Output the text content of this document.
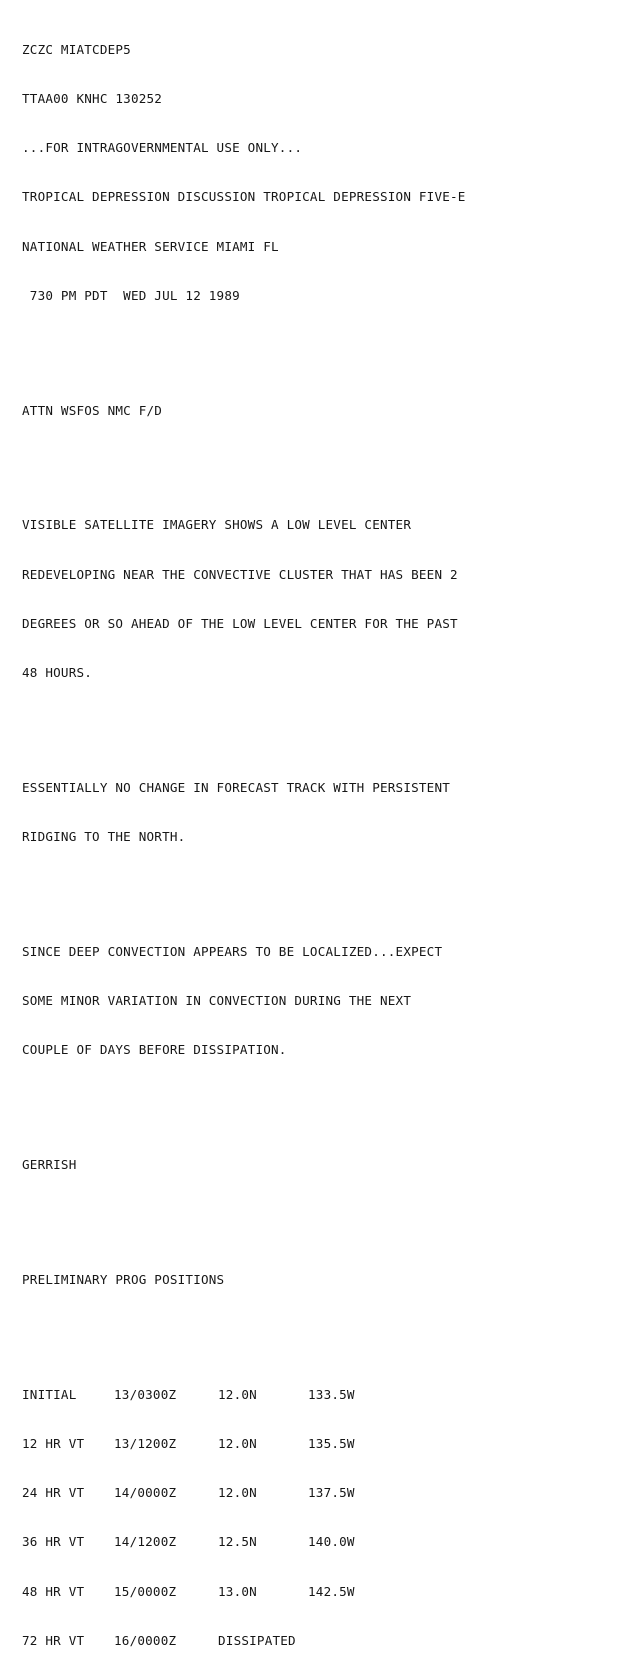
ZCZC MIATCDEP5

TTAA00 KNHC 130252

...FOR INTRAGOVERNMENTAL USE ONLY...

TROPICAL DEPRESSION DISCUSSION TROPICAL DEPRESSION FIVE-E

NATIONAL WEATHER SERVICE MIAMI FL

730 PM PDT  WED JUL 12 1989

ATTN WSFOS NMC F/D

VISIBLE SATELLITE IMAGERY SHOWS A LOW LEVEL CENTER

REDEVELOPING NEAR THE CONVECTIVE CLUSTER THAT HAS BEEN 2

DEGREES OR SO AHEAD OF THE LOW LEVEL CENTER FOR THE PAST

48 HOURS.

ESSENTIALLY NO CHANGE IN FORECAST TRACK WITH PERSISTENT

RIDGING TO THE NORTH.

SINCE DEEP CONVECTION APPEARS TO BE LOCALIZED...EXPECT

SOME MINOR VARIATION IN CONVECTION DURING THE NEXT

COUPLE OF DAYS BEFORE DISSIPATION.

GERRISH

PRELIMINARY PROG POSITIONS

INITIAL	13/0300Z	12.0N	133.5W

12 HR VT	13/1200Z	12.0N	135.5W

24 HR VT	14/0000Z	12.0N	137.5W

36 HR VT	14/1200Z	12.5N	140.0W

48 HR VT	15/0000Z	13.0N	142.5W

72 HR VT	16/0000Z	DISSIPATED
